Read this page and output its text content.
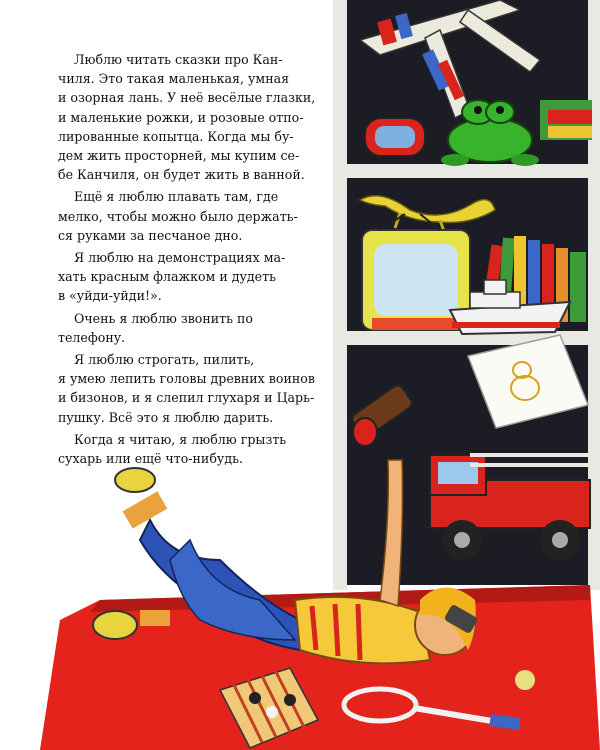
Люблю читать сказки про Кан-
чиля. Это такая маленькая, умная
и озорная лань. У неё весёлые глазки,
и маленькие рожки, и розовые отпо-
лированные копытца. Когда мы бу-
дем жить просторней, мы купим се-
бе Канчиля, он будет жить в ванной.
Ещё я люблю плавать там, где
мелко, чтобы можно было держать-
ся руками за песчаное дно.
Я люблю на демонстрациях ма-
хать красным флажком и дудеть
в «уйди-уйди!».
Очень я люблю звонить по
телефону.
Я люблю строгать, пилить,
я умею лепить головы древних воинов
и бизонов, и я слепил глухаря и Царь-
пушку. Всё это я люблю дарить.
Когда я читаю, я люблю грызть
сухарь или ещё что-нибудь.
